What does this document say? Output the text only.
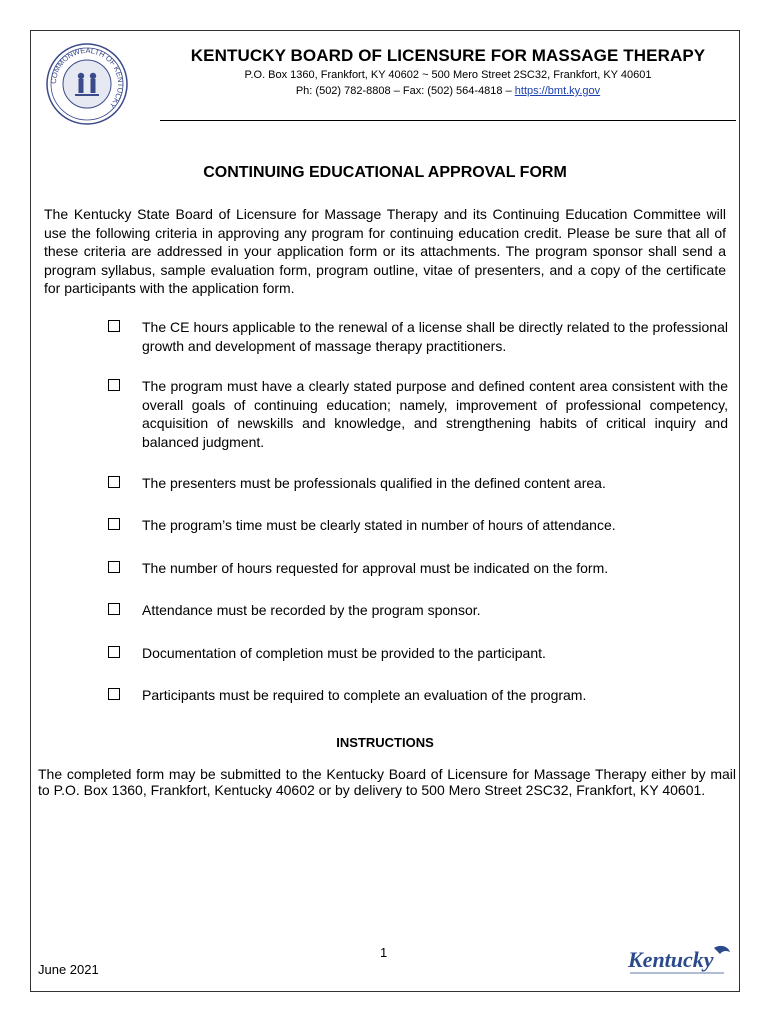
COMMONWEALTH OF KENTUCKY
KENTUCKY BOARD OF LICENSURE FOR MASSAGE THERAPY
P.O. Box 1360, Frankfort, KY 40602 ~ 500 Mero Street 2SC32, Frankfort, KY 40601
Ph: (502) 782-8808 – Fax: (502) 564-4818 – https://bmt.ky.gov
CONTINUING EDUCATIONAL APPROVAL FORM

The Kentucky State Board of Licensure for Massage Therapy and its Continuing Education Committee will use the following criteria in approving any program for continuing education credit. Please be sure that all of these criteria are addressed in your application form or its attachments. The program sponsor shall send a program syllabus, sample evaluation form, program outline, vitae of presenters, and a copy of the certificate for participants with the application form.

The CE hours applicable to the renewal of a license shall be directly related to the professional growth and development of massage therapy practitioners.
The program must have a clearly stated purpose and defined content area consistent with the overall goals of continuing education; namely, improvement of professional competency, acquisition of newskills and knowledge, and strengthening habits of critical inquiry and balanced judgment.
The presenters must be professionals qualified in the defined content area.
The program’s time must be clearly stated in number of hours of attendance.
The number of hours requested for approval must be indicated on the form.
Attendance must be recorded by the program sponsor.
Documentation of completion must be provided to the participant.
Participants must be required to complete an evaluation of the program.
INSTRUCTIONS

The completed form may be submitted to the Kentucky Board of Licensure for Massage Therapy either by mail to P.O. Box 1360, Frankfort, Kentucky 40602 or by delivery to 500 Mero Street 2SC32, Frankfort, KY 40601.

1
June 2021	Kentucky
